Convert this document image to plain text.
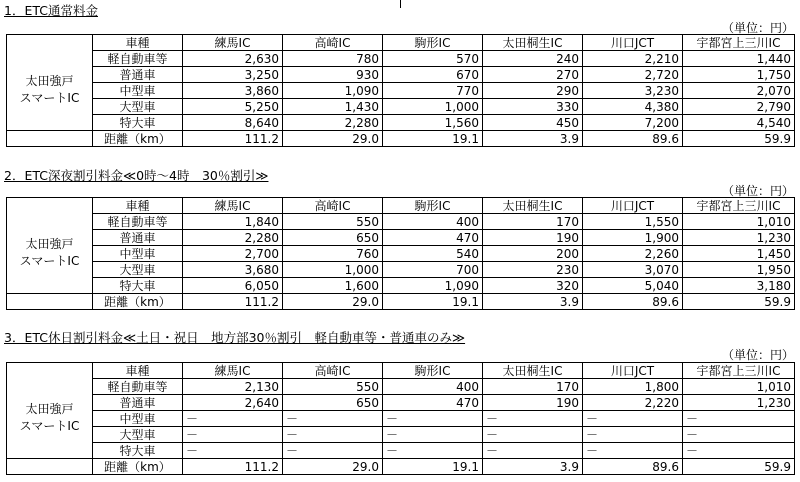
1．ETC通常料金
（単位：円）
	車種	練馬IC	高崎IC	駒形IC	太田桐生IC	川口JCT	宇都宮上三川IC
太田強戸
スマートIC	軽自動車等	2,630	780	570	240	2,210	1,440
	普通車	3,250	930	670	270	2,720	1,750
	中型車	3,860	1,090	770	290	3,230	2,070
	大型車	5,250	1,430	1,000	330	4,380	2,790
	特大車	8,640	2,280	1,560	450	7,200	4,540
	距離（km）	111.2	29.0	19.1	3.9	89.6	59.9
2．ETC深夜割引料金≪0時～4時　30％割引≫
（単位：円）
	車種	練馬IC	高崎IC	駒形IC	太田桐生IC	川口JCT	宇都宮上三川IC
太田強戸
スマートIC	軽自動車等	1,840	550	400	170	1,550	1,010
	普通車	2,280	650	470	190	1,900	1,230
	中型車	2,700	760	540	200	2,260	1,450
	大型車	3,680	1,000	700	230	3,070	1,950
	特大車	6,050	1,600	1,090	320	5,040	3,180
	距離（km）	111.2	29.0	19.1	3.9	89.6	59.9
3．ETC休日割引料金≪土日・祝日　地方部30％割引　軽自動車等・普通車のみ≫
（単位：円）
	車種	練馬IC	高崎IC	駒形IC	太田桐生IC	川口JCT	宇都宮上三川IC
太田強戸
スマートIC	軽自動車等	2,130	550	400	170	1,800	1,010
	普通車	2,640	650	470	190	2,220	1,230
	中型車	－	－	－	－	－	－
	大型車	－	－	－	－	－	－
	特大車	－	－	－	－	－	－
	距離（km）	111.2	29.0	19.1	3.9	89.6	59.9
